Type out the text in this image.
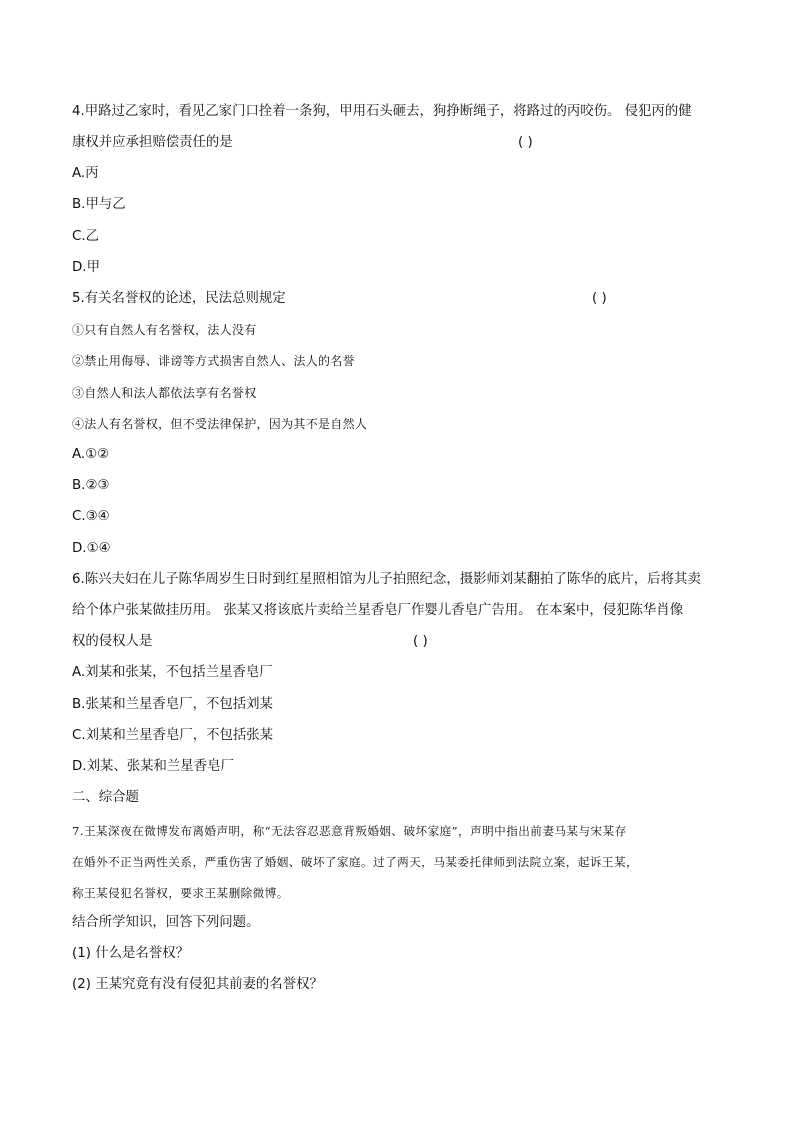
4.甲路过乙家时，看见乙家门口拴着一条狗，甲用石头砸去，狗挣断绳子，将路过的丙咬伤。 侵犯丙的健
康权并应承担赔偿责任的是	( )
A.丙
B.甲与乙
C.乙
D.甲
5.有关名誉权的论述，民法总则规定	( )
①只有自然人有名誉权，法人没有
②禁止用侮辱、诽谤等方式损害自然人、法人的名誉
③自然人和法人都依法享有名誉权
④法人有名誉权，但不受法律保护，因为其不是自然人
A.①②
B.②③
C.③④
D.①④
6.陈兴夫妇在儿子陈华周岁生日时到红星照相馆为儿子拍照纪念，摄影师刘某翻拍了陈华的底片，后将其卖
给个体户张某做挂历用。 张某又将该底片卖给兰星香皂厂作婴儿香皂广告用。 在本案中，侵犯陈华肖像
权的侵权人是	( )
A.刘某和张某，不包括兰星香皂厂
B.张某和兰星香皂厂，不包括刘某
C.刘某和兰星香皂厂，不包括张某
D.刘某、张某和兰星香皂厂
二、综合题
7.王某深夜在微博发布离婚声明，称“无法容忍恶意背叛婚姻、破坏家庭”，声明中指出前妻马某与宋某存
在婚外不正当两性关系，严重伤害了婚姻、破坏了家庭。过了两天，马某委托律师到法院立案，起诉王某，
称王某侵犯名誉权，要求王某删除微博。
结合所学知识，回答下列问题。
(1) 什么是名誉权？
(2) 王某究竟有没有侵犯其前妻的名誉权？
